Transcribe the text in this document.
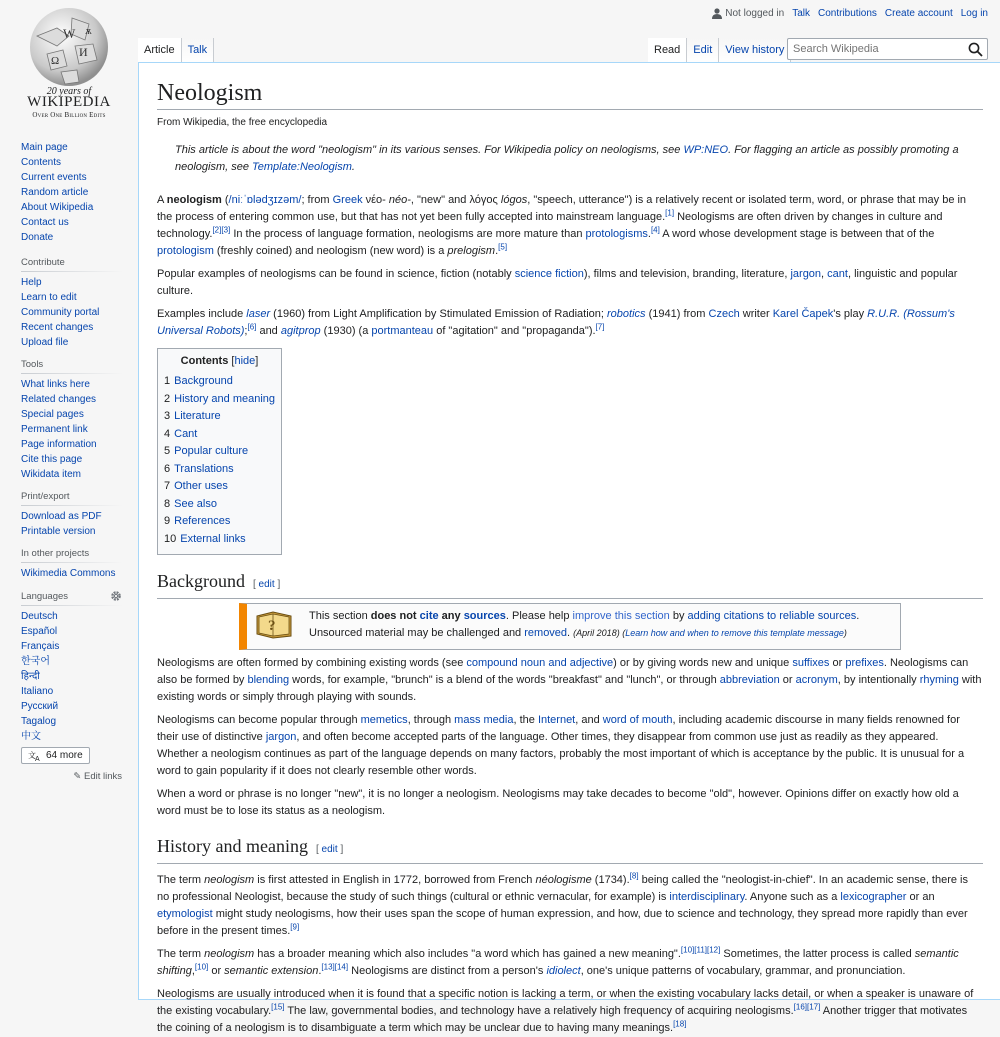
W
И
Ω
ѫ
20 years of
WIKIPEDIA
Over One Billion Edits
Not logged in Talk Contributions Create account Log in
Article	Talk	Read	Edit	View history
Search Wikipedia
Main page
Contents
Current events
Random article
About Wikipedia
Contact us
Donate
Contribute
Help
Learn to edit
Community portal
Recent changes
Upload file
Tools
What links here
Related changes
Special pages
Permanent link
Page information
Cite this page
Wikidata item
Print/export
Download as PDF
Printable version
In other projects
Wikimedia Commons
Languages
Deutsch
Español
Français
한국어
हिन्दी
Italiano
Русский
Tagalog
中文
文 A 64 more
✎ Edit links
Neologism
From Wikipedia, the free encyclopedia
This article is about the word "neologism" in its various senses. For Wikipedia policy on neologisms, see WP:NEO. For flagging an article as possibly promoting a neologism, see Template:Neologism.

A neologism (/niːˈɒlədʒɪzəm/; from Greek νέο- néo-, "new" and λόγος lógos, "speech, utterance") is a relatively recent or isolated term, word, or phrase that may be in the process of entering common use, but that has not yet been fully accepted into mainstream language.[1] Neologisms are often driven by changes in culture and technology.[2][3] In the process of language formation, neologisms are more mature than protologisms.[4] A word whose development stage is between that of the protologism (freshly coined) and neologism (new word) is a prelogism.[5]

Popular examples of neologisms can be found in science, fiction (notably science fiction), films and television, branding, literature, jargon, cant, linguistic and popular culture.

Examples include laser (1960) from Light Amplification by Stimulated Emission of Radiation; robotics (1941) from Czech writer Karel Čapek's play R.U.R. (Rossum's Universal Robots);[6] and agitprop (1930) (a portmanteau of "agitation" and "propaganda").[7]

Contents [hide]
1 Background
2 History and meaning
3 Literature
4 Cant
5 Popular culture
6 Translations
7 Other uses
8 See also
9 References
10 External links
Background [ edit ]
?
This section does not cite any sources. Please help improve this section by adding citations to reliable sources. Unsourced material may be challenged and removed. (April 2018) (Learn how and when to remove this template message)

Neologisms are often formed by combining existing words (see compound noun and adjective) or by giving words new and unique suffixes or prefixes. Neologisms can also be formed by blending words, for example, "brunch" is a blend of the words "breakfast" and "lunch", or through abbreviation or acronym, by intentionally rhyming with existing words or simply through playing with sounds.

Neologisms can become popular through memetics, through mass media, the Internet, and word of mouth, including academic discourse in many fields renowned for their use of distinctive jargon, and often become accepted parts of the language. Other times, they disappear from common use just as readily as they appeared. Whether a neologism continues as part of the language depends on many factors, probably the most important of which is acceptance by the public. It is unusual for a word to gain popularity if it does not clearly resemble other words.

When a word or phrase is no longer "new", it is no longer a neologism. Neologisms may take decades to become "old", however. Opinions differ on exactly how old a word must be to lose its status as a neologism.

History and meaning [ edit ]

The term neologism is first attested in English in 1772, borrowed from French néologisme (1734).[8] being called the "neologist-in-chief". In an academic sense, there is no professional Neologist, because the study of such things (cultural or ethnic vernacular, for example) is interdisciplinary. Anyone such as a lexicographer or an etymologist might study neologisms, how their uses span the scope of human expression, and how, due to science and technology, they spread more rapidly than ever before in the present times.[9]

The term neologism has a broader meaning which also includes "a word which has gained a new meaning".[10][11][12] Sometimes, the latter process is called semantic shifting,[10] or semantic extension.[13][14] Neologisms are distinct from a person's idiolect, one's unique patterns of vocabulary, grammar, and pronunciation.

Neologisms are usually introduced when it is found that a specific notion is lacking a term, or when the existing vocabulary lacks detail, or when a speaker is unaware of the existing vocabulary.[15] The law, governmental bodies, and technology have a relatively high frequency of acquiring neologisms.[16][17] Another trigger that motivates the coining of a neologism is to disambiguate a term which may be unclear due to having many meanings.[18]
